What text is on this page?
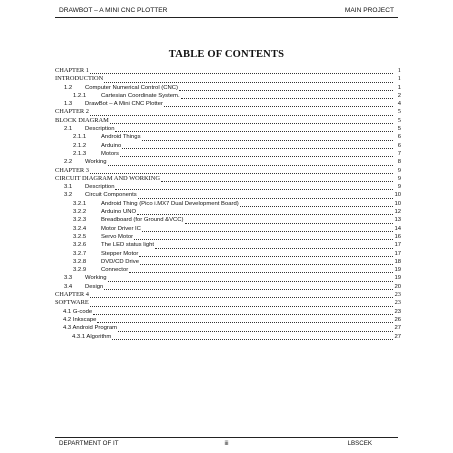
DRAWBOT – A MINI CNC PLOTTER	MAIN PROJECT
TABLE OF CONTENTS
CHAPTER 1	1
INTRODUCTION	1
1.2	Computer Numerical Control (CNC)	1
1.2.1	Cartesian Coordinate System.	2
1.3	DrawBot – A Mini CNC Plotter	4
CHAPTER 2	5
BLOCK DIAGRAM	5
2.1	Description	5
2.1.1	Android Things	6
2.1.2	Arduino	6
2.1.3	Motors	7
2.2	Working	8
CHAPTER 3	9
CIRCUIT DIAGRAM AND WORKING	9
3.1	Description	9
3.2	Circuit Components	10
3.2.1	Android Thing (Pico i.MX7 Dual Development Board)	10
3.2.2	Arduino UNO	12
3.2.3	Breadboard (for Ground &VCC)	13
3.2.4	Motor Driver IC	14
3.2.5	Servo Motor	16
3.2.6	The LED status light	17
3.2.7	Stepper Motor	17
3.2.8	DVD/CD Drive	18
3.2.9	Connector	19
3.3	Working	19
3.4	Design	20
CHAPTER 4	23
SOFTWARE	23
4.1 G-code	23
4.2 Inkscape	26
4.3 Android Program	27
4.3.1 Algorithm	27
DEPARTMENT OF IT	iii	LBSCEK
